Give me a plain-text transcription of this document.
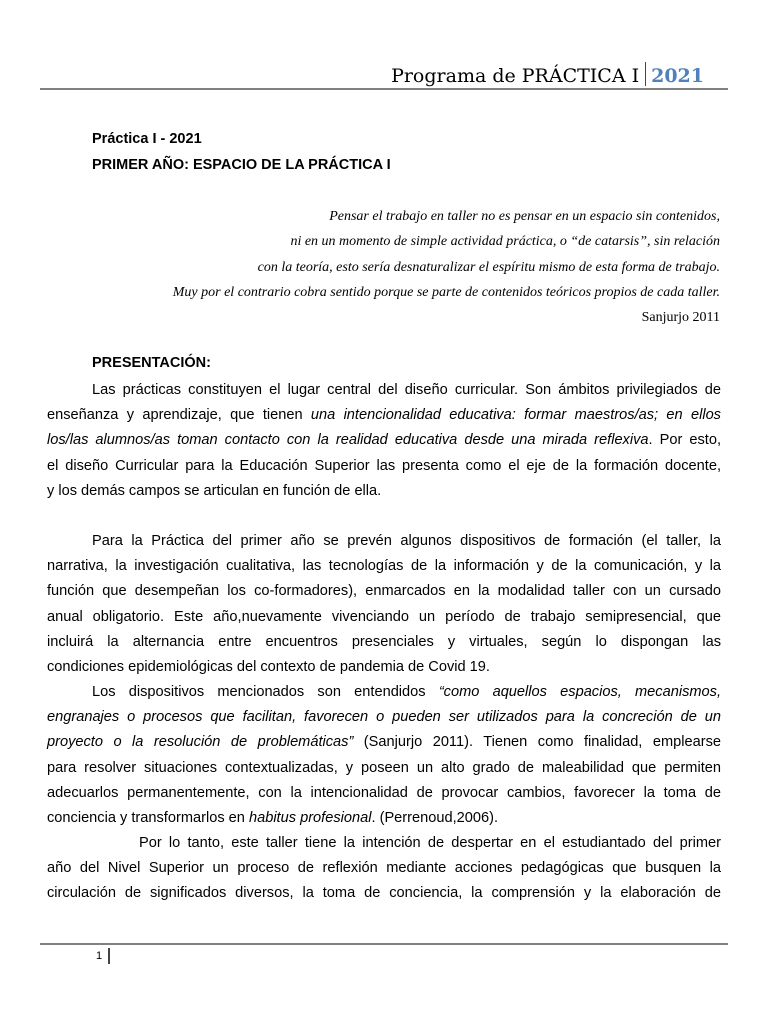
Programa de PRÁCTICA I 2021
Práctica I - 2021
PRIMER AÑO: ESPACIO DE LA PRÁCTICA I
Pensar el trabajo en taller no es pensar en un espacio sin contenidos,
ni en un momento de simple actividad práctica, o “de catarsis”, sin relación
con la teoría, esto sería desnaturalizar el espíritu mismo de esta forma de trabajo.
Muy por el contrario cobra sentido porque se parte de contenidos teóricos propios de cada taller.
Sanjurjo 2011
PRESENTACIÓN:
Las prácticas constituyen el lugar central del diseño curricular. Son ámbitos privilegiados de
enseñanza y aprendizaje, que tienen una intencionalidad educativa: formar maestros/as; en ellos
los/las alumnos/as toman contacto con la realidad educativa desde una mirada reflexiva. Por esto,
el diseño Curricular para la Educación Superior las presenta como el eje de la formación docente,
y los demás campos se articulan en función de ella.
Para la Práctica del primer año se prevén algunos dispositivos de formación (el taller, la
narrativa, la investigación cualitativa, las tecnologías de la información y de la comunicación, y la
función que desempeñan los co-formadores), enmarcados en la modalidad taller con un cursado
anual obligatorio. Este año,nuevamente vivenciando un período de trabajo semipresencial, que
incluirá la alternancia entre encuentros presenciales y virtuales, según lo dispongan las
condiciones epidemiológicas del contexto de pandemia de Covid 19.
Los dispositivos mencionados son entendidos “como aquellos espacios, mecanismos,
engranajes o procesos que facilitan, favorecen o pueden ser utilizados para la concreción de un
proyecto o la resolución de problemáticas” (Sanjurjo 2011). Tienen como finalidad, emplearse
para resolver situaciones contextualizadas, y poseen un alto grado de maleabilidad que permiten
adecuarlos permanentemente, con la intencionalidad de provocar cambios, favorecer la toma de
conciencia y transformarlos en habitus profesional. (Perrenoud,2006).
Por lo tanto, este taller tiene la intención de despertar en el estudiantado del primer
año del Nivel Superior un proceso de reflexión mediante acciones pedagógicas que busquen la
circulación de significados diversos, la toma de conciencia, la comprensión y la elaboración de
1
